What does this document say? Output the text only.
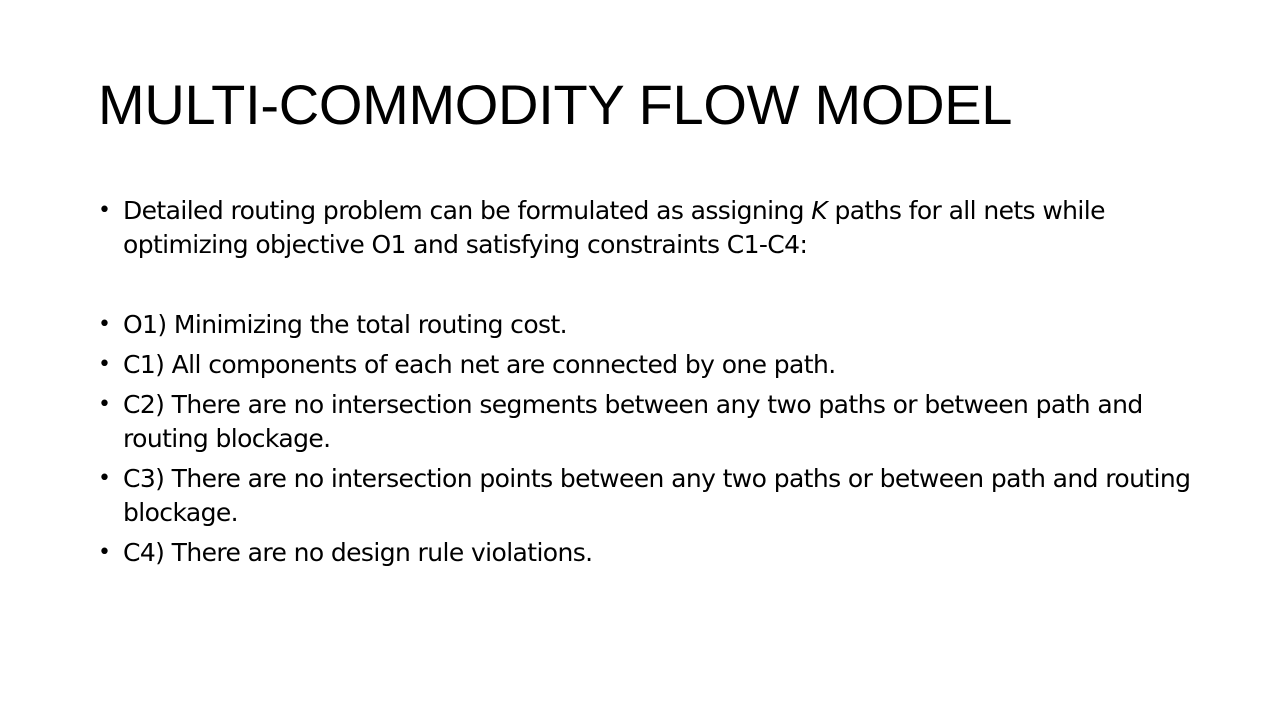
MULTI-COMMODITY FLOW MODEL
• Detailed routing problem can be formulated as assigning K paths for all nets while optimizing objective O1 and satisfying constraints C1-C4:
• O1) Minimizing the total routing cost.
• C1) All components of each net are connected by one path.
• C2) There are no intersection segments between any two paths or between path and routing blockage.
• C3) There are no intersection points between any two paths or between path and routing blockage.
• C4) There are no design rule violations.
